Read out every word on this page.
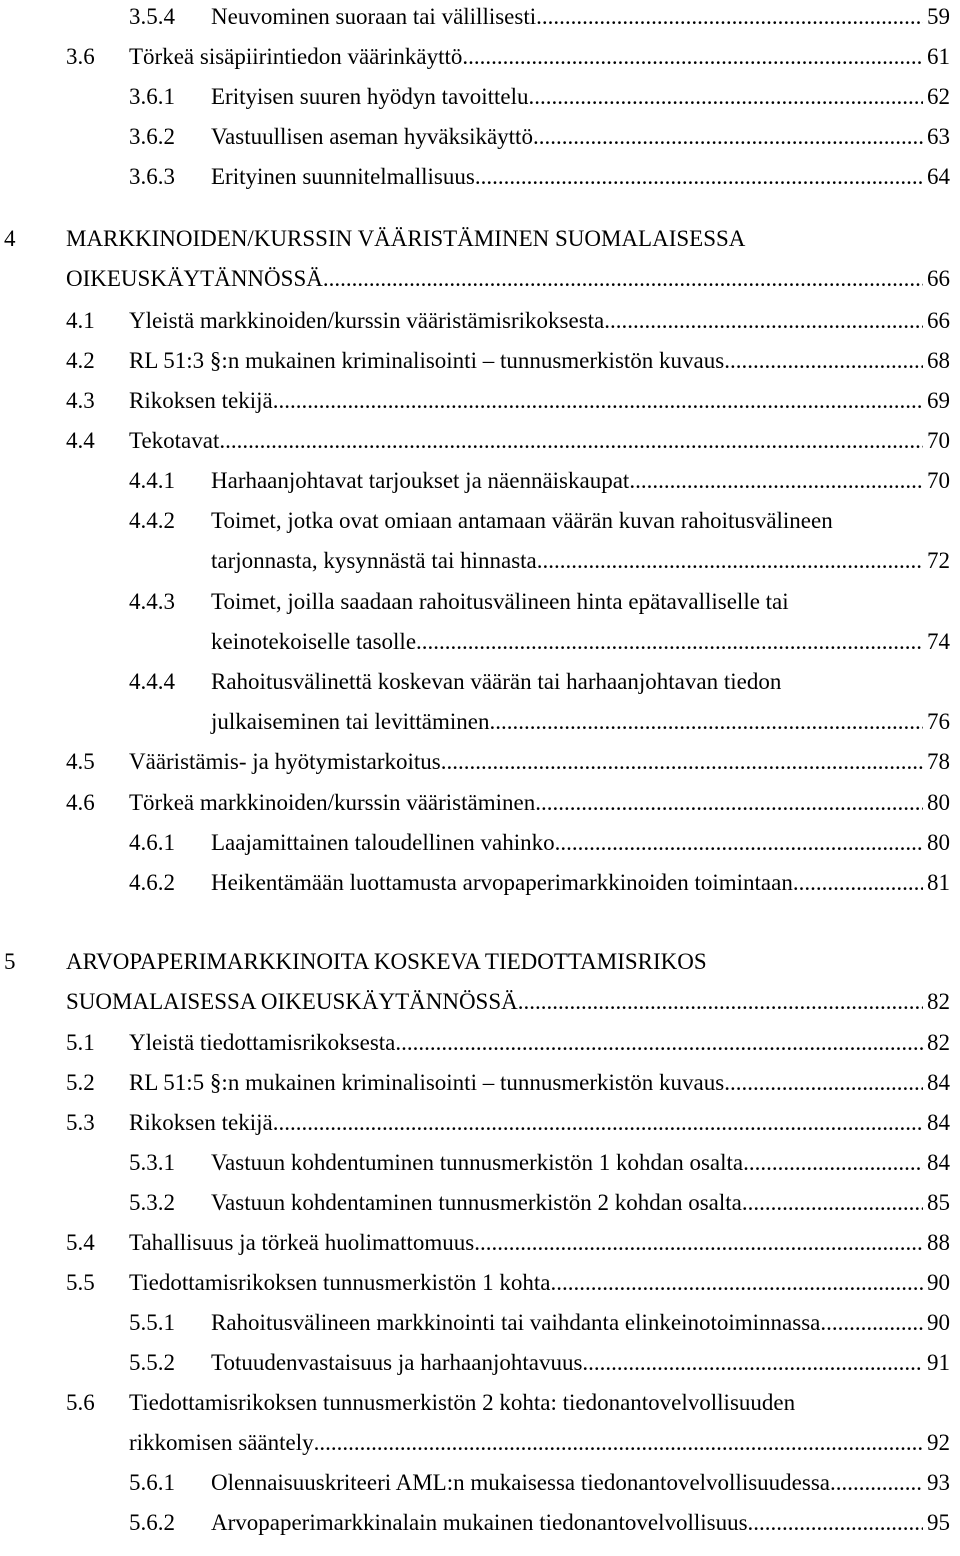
3.5.4 Neuvominen suoraan tai välillisesti .....	59
3.6 Törkeä sisäpiirintiedon väärinkäyttö .....	61
3.6.1 Erityisen suuren hyödyn tavoittelu .....	62
3.6.2 Vastuullisen aseman hyväksikäyttö .....	63
3.6.3 Erityinen suunnitelmallisuus. .....	64
4 MARKKINOIDEN/KURSSIN VÄÄRISTÄMINEN SUOMALAISESSA
OIKEUSKÄYTÄNNÖSSÄ .....	66
4.1 Yleistä markkinoiden/kurssin vääristämisrikoksesta .....	66
4.2 RL 51:3 §:n mukainen kriminalisointi – tunnusmerkistön kuvaus .....	68
4.3 Rikoksen tekijä .....	69
4.4 Tekotavat .....	70
4.4.1 Harhaanjohtavat tarjoukset ja näennäiskaupat .....	70
4.4.2 Toimet, jotka ovat omiaan antamaan väärän kuvan rahoitusvälineen
tarjonnasta, kysynnästä tai hinnasta .....	72
4.4.3 Toimet, joilla saadaan rahoitusvälineen hinta epätavalliselle tai
keinotekoiselle tasolle .....	74
4.4.4 Rahoitusvälinettä koskevan väärän tai harhaanjohtavan tiedon
julkaiseminen tai levittäminen .....	76
4.5 Vääristämis- ja hyötymistarkoitus .....	78
4.6 Törkeä markkinoiden/kurssin vääristäminen .....	80
4.6.1 Laajamittainen taloudellinen vahinko .....	80
4.6.2 Heikentämään luottamusta arvopaperimarkkinoiden toimintaan .....	81
5 ARVOPAPERIMARKKINOITA KOSKEVA TIEDOTTAMISRIKOS
SUOMALAISESSA OIKEUSKÄYTÄNNÖSSÄ .....	82
5.1 Yleistä tiedottamisrikoksesta .....	82
5.2 RL 51:5 §:n mukainen kriminalisointi – tunnusmerkistön kuvaus .....	84
5.3 Rikoksen tekijä .....	84
5.3.1 Vastuun kohdentuminen tunnusmerkistön 1 kohdan osalta .....	84
5.3.2 Vastuun kohdentaminen tunnusmerkistön 2 kohdan osalta .....	85
5.4 Tahallisuus ja törkeä huolimattomuus .....	88
5.5 Tiedottamisrikoksen tunnusmerkistön 1 kohta .....	90
5.5.1 Rahoitusvälineen markkinointi tai vaihdanta elinkeinotoiminnassa .....	90
5.5.2 Totuudenvastaisuus ja harhaanjohtavuus .....	91
5.6 Tiedottamisrikoksen tunnusmerkistön 2 kohta: tiedonantovelvollisuuden
rikkomisen sääntely .....	92
5.6.1 Olennaisuuskriteeri AML:n mukaisessa tiedonantovelvollisuudessa .....	93
5.6.2 Arvopaperimarkkinalain mukainen tiedonantovelvollisuus .....	95
